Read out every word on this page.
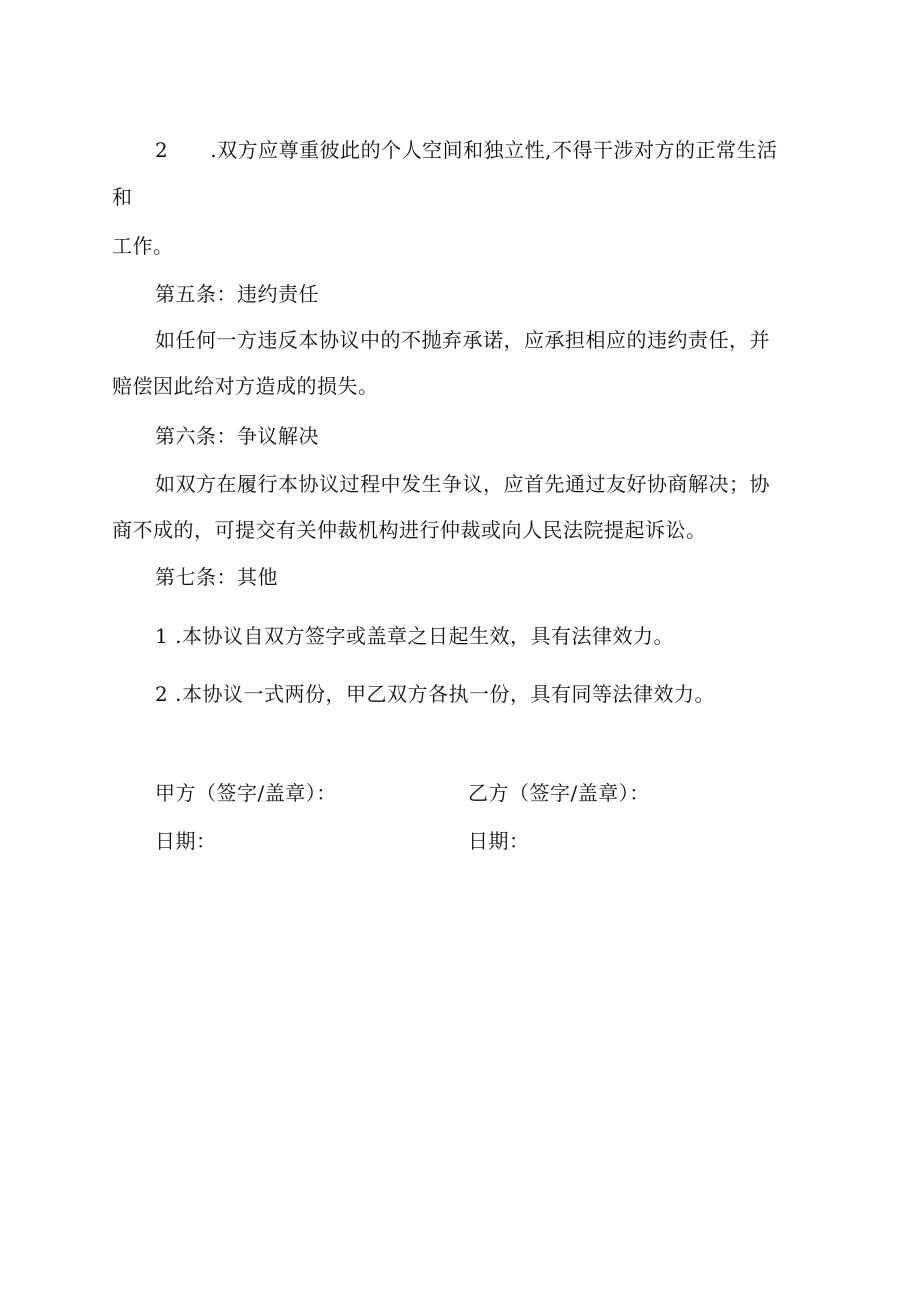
2 .双方应尊重彼此的个人空间和独立性,不得干涉对方的正常生活
和
工作。
第五条：违约责任
如任何一方违反本协议中的不抛弃承诺，应承担相应的违约责任，并
赔偿因此给对方造成的损失。
第六条：争议解决
如双方在履行本协议过程中发生争议，应首先通过友好协商解决；协
商不成的，可提交有关仲裁机构进行仲裁或向人民法院提起诉讼。
第七条：其他
1 .本协议自双方签字或盖章之日起生效，具有法律效力。
2 .本协议一式两份，甲乙双方各执一份，具有同等法律效力。
甲方（签字/盖章）：	乙方（签字/盖章）：
日期：	日期：
